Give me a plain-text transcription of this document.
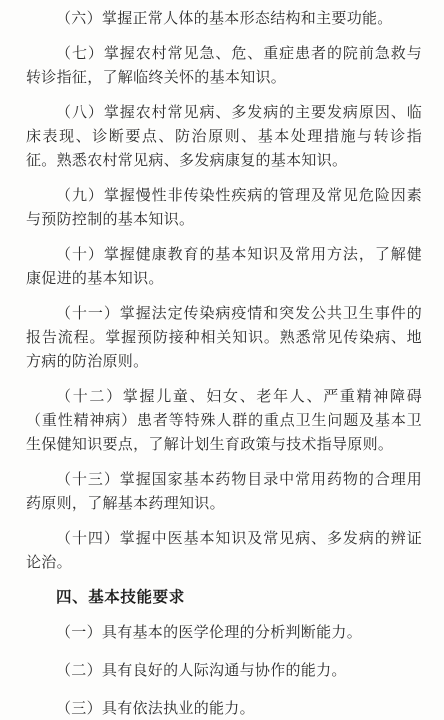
（六）掌握正常人体的基本形态结构和主要功能。

（七）掌握农村常见急、危、重症患者的院前急救与转诊指征，了解临终关怀的基本知识。

（八）掌握农村常见病、多发病的主要发病原因、临床表现、诊断要点、防治原则、基本处理措施与转诊指征。熟悉农村常见病、多发病康复的基本知识。

（九）掌握慢性非传染性疾病的管理及常见危险因素与预防控制的基本知识。

（十）掌握健康教育的基本知识及常用方法，了解健康促进的基本知识。

（十一）掌握法定传染病疫情和突发公共卫生事件的报告流程。掌握预防接种相关知识。熟悉常见传染病、地方病的防治原则。

（十二）掌握儿童、妇女、老年人、严重精神障碍（重性精神病）患者等特殊人群的重点卫生问题及基本卫生保健知识要点，了解计划生育政策与技术指导原则。

（十三）掌握国家基本药物目录中常用药物的合理用药原则，了解基本药理知识。

（十四）掌握中医基本知识及常见病、多发病的辨证论治。

四、基本技能要求

（一）具有基本的医学伦理的分析判断能力。

（二）具有良好的人际沟通与协作的能力。

（三）具有依法执业的能力。
